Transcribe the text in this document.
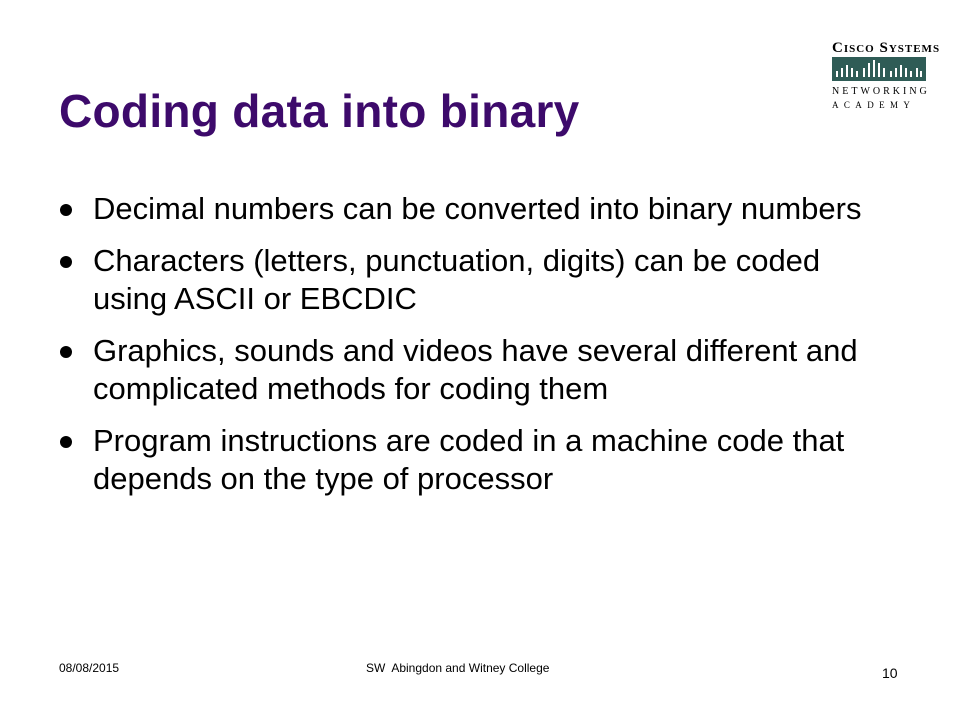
Coding data into binary
Cisco Systems
NETWORKING
ACADEMY
Decimal numbers can be converted into binary numbers
Characters (letters, punctuation, digits) can be coded using ASCII or EBCDIC
Graphics, sounds and videos have several different and complicated methods for coding them
Program instructions are coded in a machine code that depends on the type of processor
08/08/2015	SW  Abingdon and Witney College	10
